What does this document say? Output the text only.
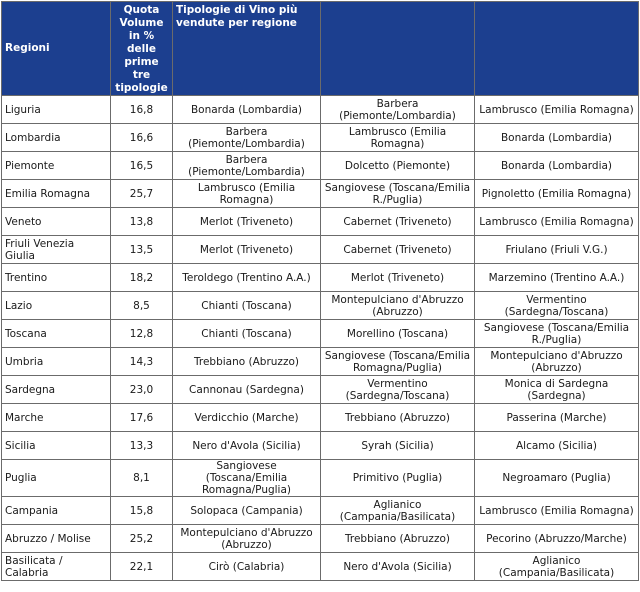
Regioni	Quota Volume in % delle prime tre tipologie	Tipologie di Vino più vendute per regione		
Liguria	16,8	Bonarda (Lombardia)	Barbera (Piemonte/Lombardia)	Lambrusco (Emilia Romagna)
Lombardia	16,6	Barbera (Piemonte/Lombardia)	Lambrusco (Emilia Romagna)	Bonarda (Lombardia)
Piemonte	16,5	Barbera (Piemonte/Lombardia)	Dolcetto (Piemonte)	Bonarda (Lombardia)
Emilia Romagna	25,7	Lambrusco (Emilia Romagna)	Sangiovese (Toscana/Emilia R./Puglia)	Pignoletto (Emilia Romagna)
Veneto	13,8	Merlot (Triveneto)	Cabernet (Triveneto)	Lambrusco (Emilia Romagna)
Friuli Venezia Giulia	13,5	Merlot (Triveneto)	Cabernet (Triveneto)	Friulano (Friuli V.G.)
Trentino	18,2	Teroldego (Trentino A.A.)	Merlot (Triveneto)	Marzemino (Trentino A.A.)
Lazio	8,5	Chianti (Toscana)	Montepulciano d'Abruzzo (Abruzzo)	Vermentino (Sardegna/Toscana)
Toscana	12,8	Chianti (Toscana)	Morellino (Toscana)	Sangiovese (Toscana/Emilia R./Puglia)
Umbria	14,3	Trebbiano (Abruzzo)	Sangiovese (Toscana/Emilia Romagna/Puglia)	Montepulciano d'Abruzzo (Abruzzo)
Sardegna	23,0	Cannonau (Sardegna)	Vermentino (Sardegna/Toscana)	Monica di Sardegna (Sardegna)
Marche	17,6	Verdicchio (Marche)	Trebbiano (Abruzzo)	Passerina (Marche)
Sicilia	13,3	Nero d'Avola (Sicilia)	Syrah (Sicilia)	Alcamo (Sicilia)
Puglia	8,1	Sangiovese (Toscana/Emilia Romagna/Puglia)	Primitivo (Puglia)	Negroamaro (Puglia)
Campania	15,8	Solopaca (Campania)	Aglianico (Campania/Basilicata)	Lambrusco (Emilia Romagna)
Abruzzo / Molise	25,2	Montepulciano d'Abruzzo (Abruzzo)	Trebbiano (Abruzzo)	Pecorino (Abruzzo/Marche)
Basilicata / Calabria	22,1	Cirò (Calabria)	Nero d'Avola (Sicilia)	Aglianico (Campania/Basilicata)
